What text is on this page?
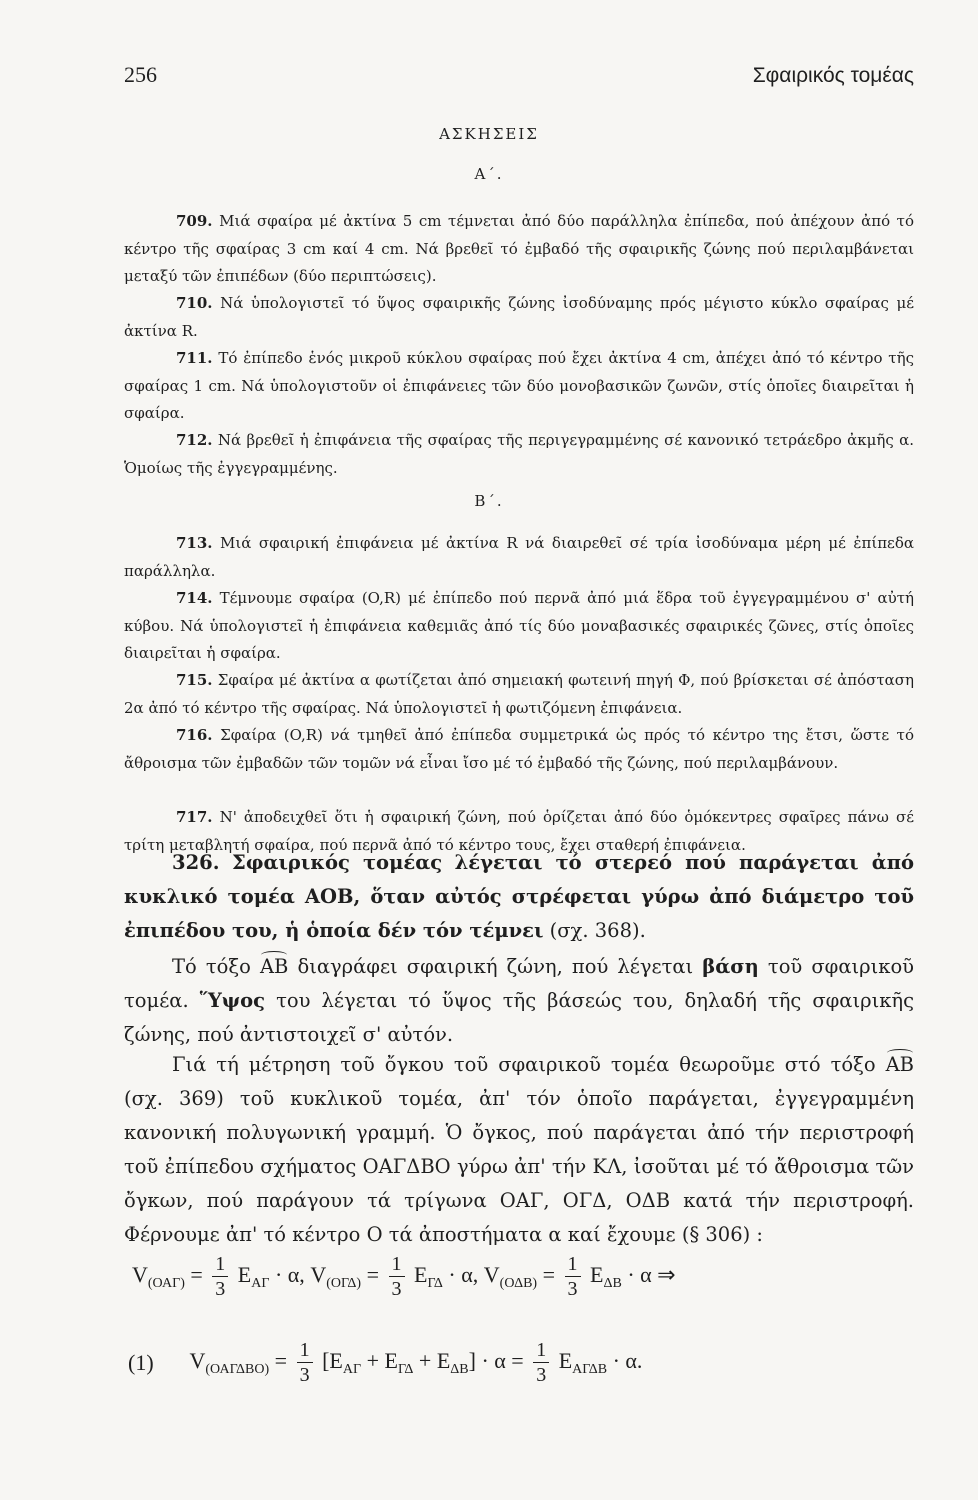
256	Σφαιρικός τομέας
ΑΣΚΗΣΕΙΣ
Α΄.
709. Μιά σφαίρα μέ ἀκτίνα 5 cm τέμνεται ἀπό δύο παράλληλα ἐπίπεδα, πού ἀπέχουν ἀπό τό κέντρο τῆς σφαίρας 3 cm καί 4 cm. Νά βρεθεῖ τό ἐμβαδό τῆς σφαιρικῆς ζώνης πού περιλαμβάνεται μεταξύ τῶν ἐπιπέδων (δύο περιπτώσεις).
710. Νά ὑπολογιστεῖ τό ὕψος σφαιρικῆς ζώνης ἰσοδύναμης πρός μέγιστο κύκλο σφαίρας μέ ἀκτίνα R.
711. Τό ἐπίπεδο ἑνός μικροῦ κύκλου σφαίρας πού ἔχει ἀκτίνα 4 cm, ἀπέχει ἀπό τό κέντρο τῆς σφαίρας 1 cm. Νά ὑπολογιστοῦν οἱ ἐπιφάνειες τῶν δύο μονοβασικῶν ζωνῶν, στίς ὁποῖες διαιρεῖται ἡ σφαίρα.
712. Νά βρεθεῖ ἡ ἐπιφάνεια τῆς σφαίρας τῆς περιγεγραμμένης σέ κανονικό τετράεδρο ἀκμῆς α. Ὁμοίως τῆς ἐγγεγραμμένης.
Β΄.
713. Μιά σφαιρική ἐπιφάνεια μέ ἀκτίνα R νά διαιρεθεῖ σέ τρία ἰσοδύναμα μέρη μέ ἐπίπεδα παράλληλα.
714. Τέμνουμε σφαίρα (O,R) μέ ἐπίπεδο πού περνᾶ ἀπό μιά ἕδρα τοῦ ἐγγεγραμμένου σ' αὐτή κύβου. Νά ὑπολογιστεῖ ἡ ἐπιφάνεια καθεμιᾶς ἀπό τίς δύο μοναβασικές σφαιρικές ζῶνες, στίς ὁποῖες διαιρεῖται ἡ σφαίρα.
715. Σφαίρα μέ ἀκτίνα α φωτίζεται ἀπό σημειακή φωτεινή πηγή Φ, πού βρίσκεται σέ ἀπόσταση 2α ἀπό τό κέντρο τῆς σφαίρας. Νά ὑπολογιστεῖ ἡ φωτιζόμενη ἐπιφάνεια.
716. Σφαίρα (O,R) νά τμηθεῖ ἀπό ἐπίπεδα συμμετρικά ὡς πρός τό κέντρο της ἔτσι, ὥστε τό ἄθροισμα τῶν ἐμβαδῶν τῶν τομῶν νά εἶναι ἴσο μέ τό ἐμβαδό τῆς ζώνης, πού περιλαμβάνουν.
717. Ν' ἀποδειχθεῖ ὅτι ἡ σφαιρική ζώνη, πού ὁρίζεται ἀπό δύο ὁμόκεντρες σφαῖρες πάνω σέ τρίτη μεταβλητή σφαίρα, πού περνᾶ ἀπό τό κέντρο τους, ἔχει σταθερή ἐπιφάνεια.
326. Σφαιρικός τομέας λέγεται τό στερεό πού παράγεται ἀπό κυκλικό τομέα ΑΟΒ, ὅταν αὐτός στρέφεται γύρω ἀπό διάμετρο τοῦ ἐπιπέδου του, ἡ ὁποία δέν τόν τέμνει (σχ. 368).
Τό τόξο ΑΒ διαγράφει σφαιρική ζώνη, πού λέγεται βάση τοῦ σφαιρικοῦ τομέα. Ὕψος του λέγεται τό ὕψος τῆς βάσεώς του, δηλαδή τῆς σφαιρικῆς ζώνης, πού ἀντιστοιχεῖ σ' αὐτόν.
Γιά τή μέτρηση τοῦ ὄγκου τοῦ σφαιρικοῦ τομέα θεωροῦμε στό τόξο ΑΒ (σχ. 369) τοῦ κυκλικοῦ τομέα, ἀπ' τόν ὁποῖο παράγεται, ἐγγεγραμμένη κανονική πολυγωνική γραμμή. Ὁ ὄγκος, πού παράγεται ἀπό τήν περιστροφή τοῦ ἐπίπεδου σχήματος ΟΑΓΔΒΟ γύρω ἀπ' τήν ΚΛ, ἰσοῦται μέ τό ἄθροισμα τῶν ὄγκων, πού παράγουν τά τρίγωνα ΟΑΓ, ΟΓΔ, ΟΔΒ κατά τήν περιστροφή. Φέρνουμε ἀπ' τό κέντρο Ο τά ἀποστήματα α καί ἔχουμε (§ 306) :
$V_{(OA\Gamma)} = \frac{1}{3} E_{A\Gamma} \cdot \alpha$, $V_{(O\Gamma\Delta)} = \frac{1}{3} E_{\Gamma\Delta} \cdot \alpha$, $V_{(O\Delta B)} = \frac{1}{3} E_{\Delta B} \cdot \alpha$ ⇒
(1) $V_{(OA\Gamma\Delta BO)} = \frac{1}{3} [E_{A\Gamma} + E_{\Gamma\Delta} + E_{\Delta B}] \cdot \alpha = \frac{1}{3} E_{A\Gamma\Delta B} \cdot \alpha$.
